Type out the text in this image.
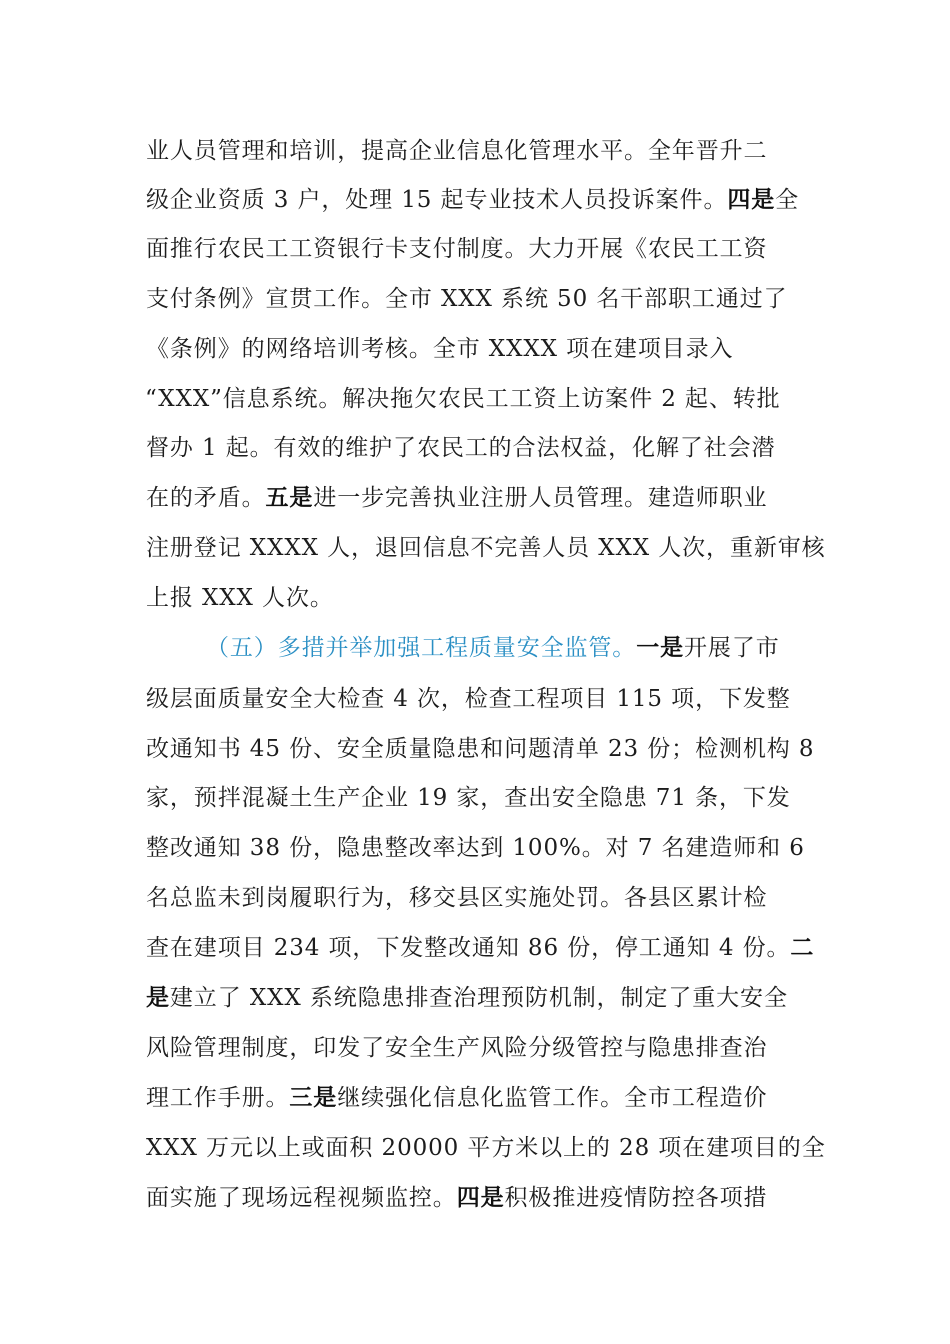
业人员管理和培训，提高企业信息化管理水平。全年晋升二
级企业资质 3 户，处理 15 起专业技术人员投诉案件。四是全
面推行农民工工资银行卡支付制度。大力开展《农民工工资
支付条例》宣贯工作。全市 XXX 系统 50 名干部职工通过了
《条例》的网络培训考核。全市 XXXX 项在建项目录入
“XXX”信息系统。解决拖欠农民工工资上访案件 2 起、转批
督办 1 起。有效的维护了农民工的合法权益，化解了社会潜
在的矛盾。五是进一步完善执业注册人员管理。建造师职业
注册登记 XXXX 人，退回信息不完善人员 XXX 人次，重新审核
上报 XXX 人次。
（五）多措并举加强工程质量安全监管。一是开展了市
级层面质量安全大检查 4 次，检查工程项目 115 项，下发整
改通知书 45 份、安全质量隐患和问题清单 23 份；检测机构 8
家，预拌混凝土生产企业 19 家，查出安全隐患 71 条，下发
整改通知 38 份，隐患整改率达到 100%。对 7 名建造师和 6
名总监未到岗履职行为，移交县区实施处罚。各县区累计检
查在建项目 234 项，下发整改通知 86 份，停工通知 4 份。二
是建立了 XXX 系统隐患排查治理预防机制，制定了重大安全
风险管理制度，印发了安全生产风险分级管控与隐患排查治
理工作手册。三是继续强化信息化监管工作。全市工程造价
XXX 万元以上或面积 20000 平方米以上的 28 项在建项目的全
面实施了现场远程视频监控。四是积极推进疫情防控各项措
